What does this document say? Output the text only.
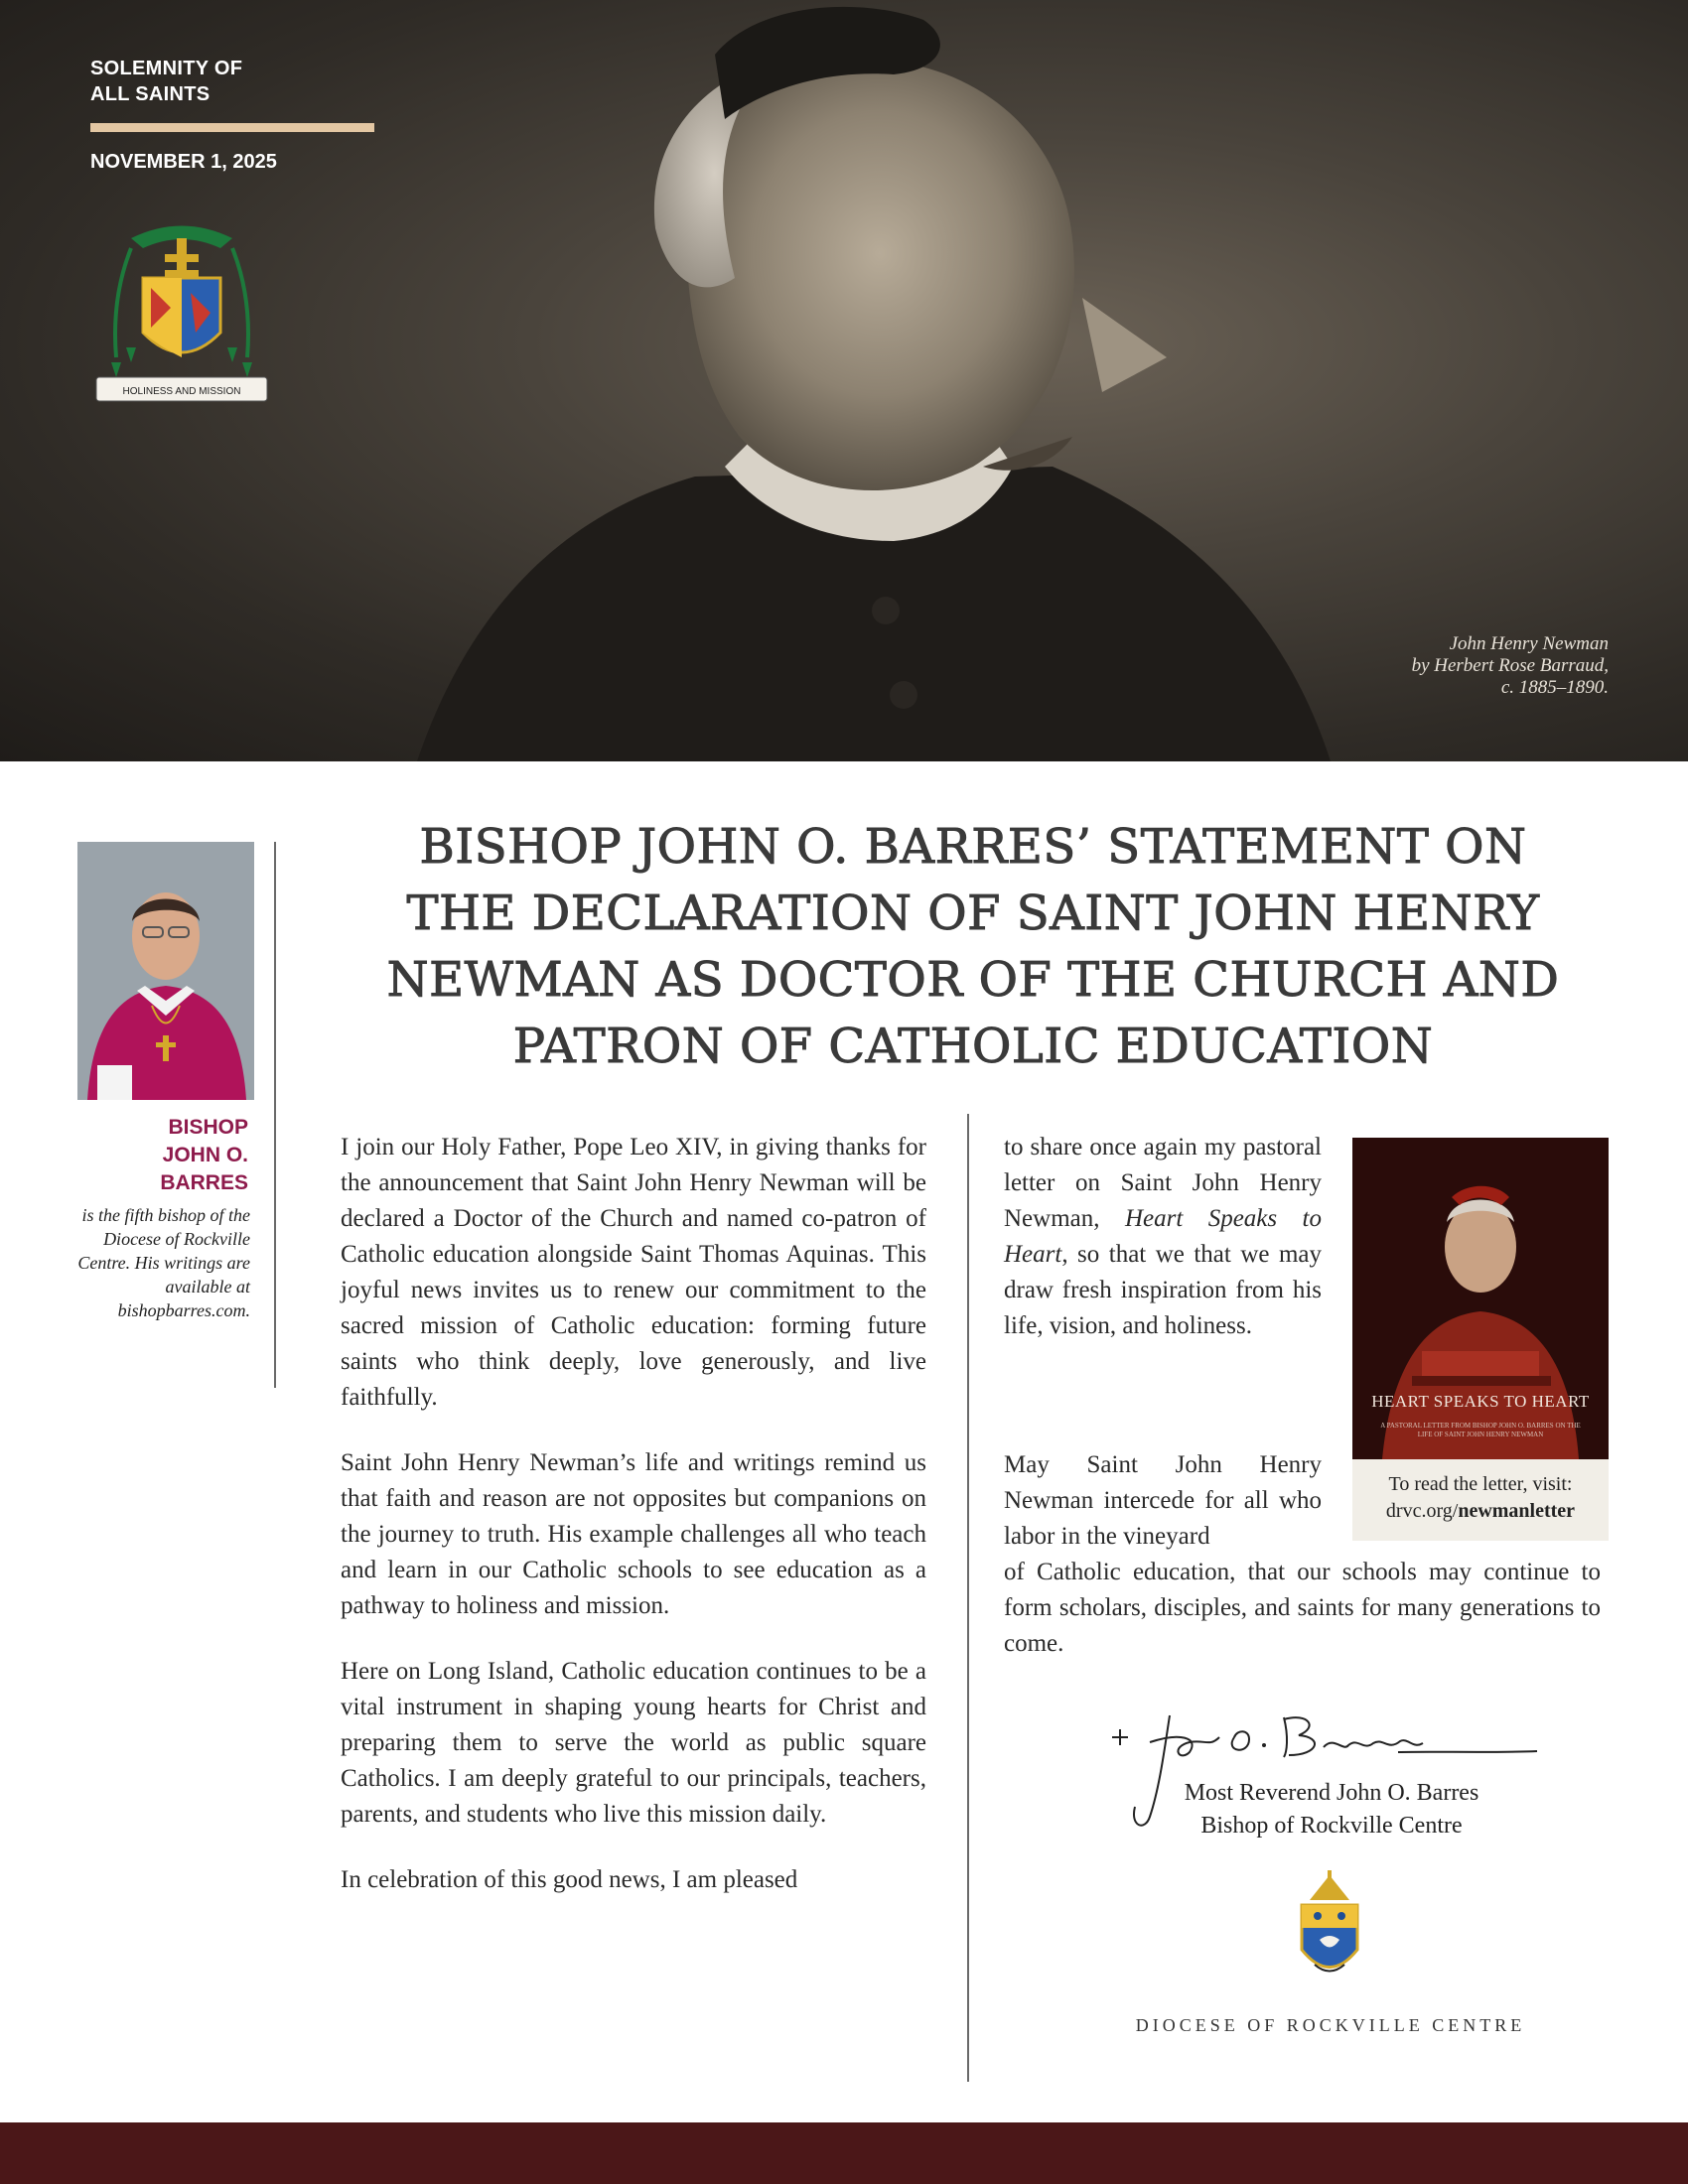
SOLEMNITY OF
ALL SAINTS
NOVEMBER 1, 2025
HOLINESS AND MISSION
John Henry Newman
by Herbert Rose Barraud,
c. 1885–1890.
BISHOP JOHN O. BARRES’ STATEMENT ON
THE DECLARATION OF SAINT JOHN HENRY
NEWMAN AS DOCTOR OF THE CHURCH AND
PATRON OF CATHOLIC EDUCATION
BISHOP
JOHN O.
BARRES
is the fifth bishop of the Diocese of Rockville Centre. His writings are available at bishopbarres.com.

I join our Holy Father, Pope Leo XIV, in giving thanks for the announcement that Saint John Henry Newman will be declared a Doctor of the Church and named co-patron of Catholic education alongside Saint Thomas Aquinas. This joyful news invites us to renew our commitment to the sacred mission of Catholic education: forming future saints who think deeply, love generously, and live faithfully.

Saint John Henry Newman’s life and writings remind us that faith and reason are not opposites but companions on the journey to truth. His example challenges all who teach and learn in our Catholic schools to see education as a pathway to holiness and mission.

Here on Long Island, Catholic education continues to be a vital instrument in shaping young hearts for Christ and preparing them to serve the world as public square Catholics. I am deeply grateful to our principals, teachers, parents, and students who live this mission daily.

In celebration of this good news, I am pleased

to share once again my pastoral letter on Saint John Henry Newman, Heart Speaks to Heart, so that we that we may draw fresh inspiration from his life, vision, and holiness.
May Saint John Henry Newman intercede for all who labor in the vineyard
of Catholic education, that our schools may continue to form scholars, disciples, and saints for many generations to come.
HEART SPEAKS TO HEART
A PASTORAL LETTER FROM BISHOP JOHN O. BARRES ON THE LIFE OF SAINT JOHN HENRY NEWMAN
To read the letter, visit:
drvc.org/newmanletter
Most Reverend John O. Barres
Bishop of Rockville Centre
DIOCESE OF ROCKVILLE CENTRE
